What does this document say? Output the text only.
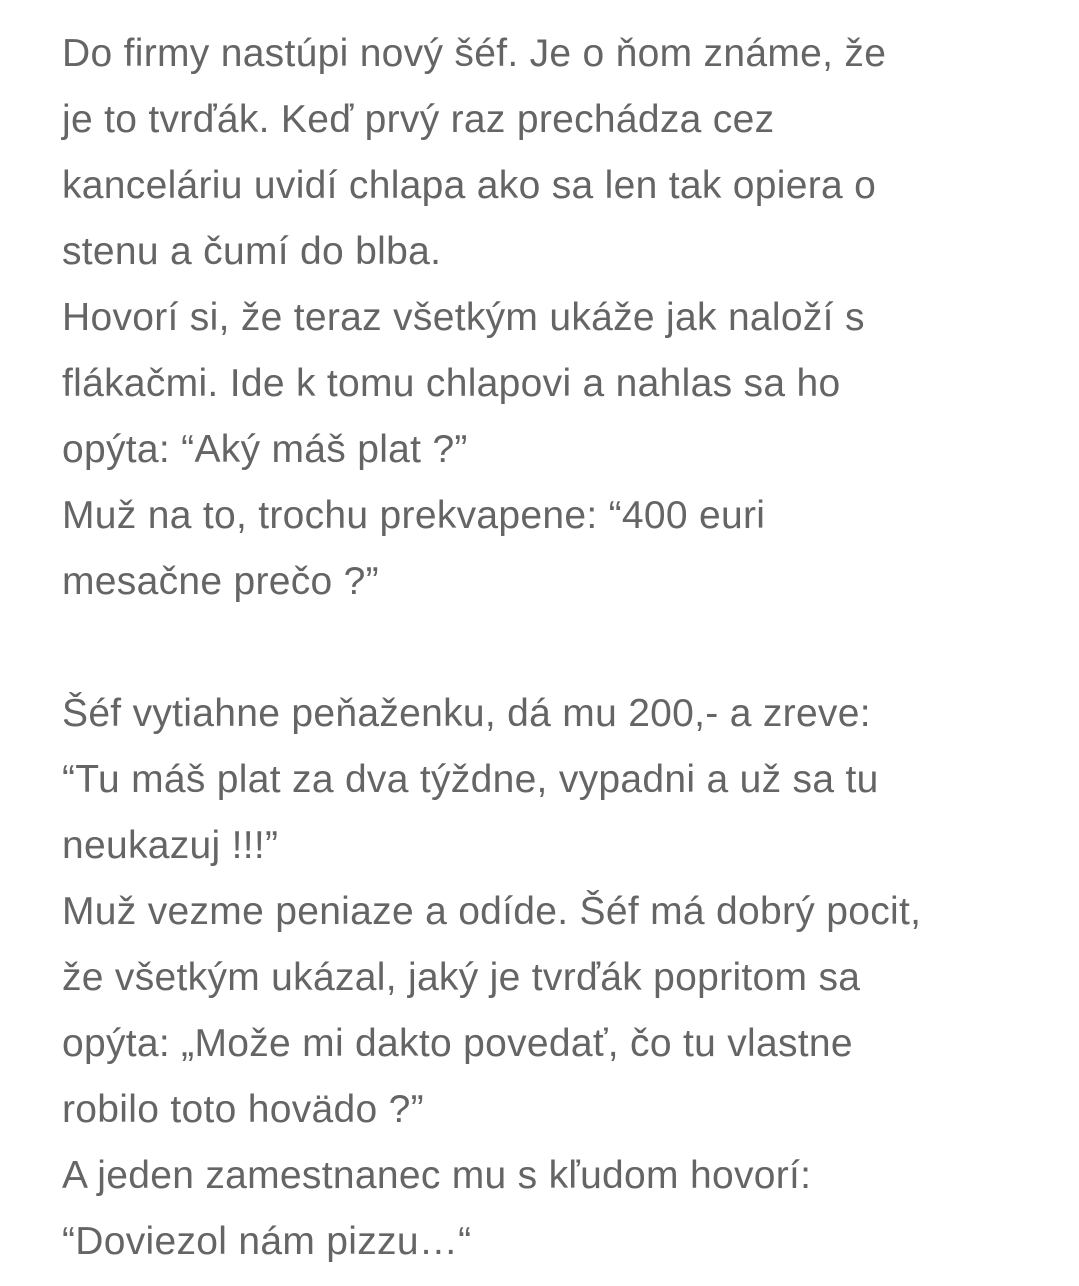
Do firmy nastúpi nový šéf. Je o ňom známe, že
je to tvrďák. Keď prvý raz prechádza cez
kanceláriu uvidí chlapa ako sa len tak opiera o
stenu a čumí do blba.
Hovorí si, že teraz všetkým ukáže jak naloží s
flákačmi. Ide k tomu chlapovi a nahlas sa ho
opýta: “Aký máš plat ?”
Muž na to, trochu prekvapene: “400 euri
mesačne prečo ?”
Šéf vytiahne peňaženku, dá mu 200,- a zreve:
“Tu máš plat za dva týždne, vypadni a už sa tu
neukazuj !!!”
Muž vezme peniaze a odíde. Šéf má dobrý pocit,
že všetkým ukázal, jaký je tvrďák popritom sa
opýta: „Može mi dakto povedať, čo tu vlastne
robilo toto hovädo ?”
A jeden zamestnanec mu s kľudom hovorí:
“Doviezol nám pizzu…“
